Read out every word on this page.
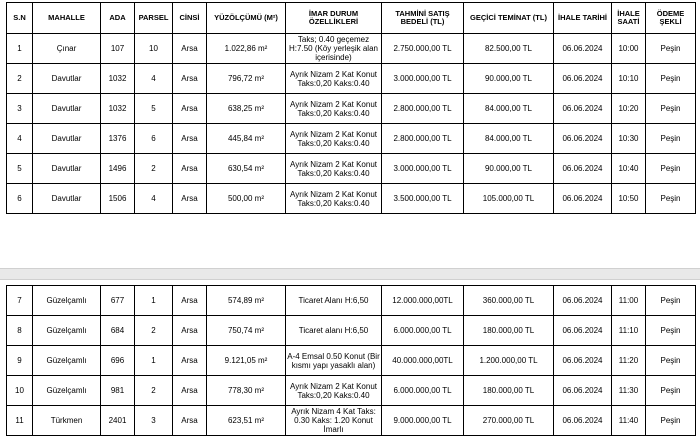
S.N	MAHALLE	ADA	PARSEL	CİNSİ	YÜZÖLÇÜMÜ (M²)	İMAR DURUM ÖZELLİKLERİ	TAHMİNİ SATIŞ BEDELİ (TL)	GEÇİCİ TEMİNAT (TL)	İHALE TARİHİ	İHALE SAATİ	ÖDEME ŞEKLİ
1	Çınar	107	10	Arsa	1.022,86 m²	Taks; 0.40 geçemez H:7.50 (Köy yerleşik alan içerisinde)	2.750.000,00 TL	82.500,00 TL	06.06.2024	10:00	Peşin
2	Davutlar	1032	4	Arsa	796,72 m²	Ayrık Nizam 2 Kat Konut Taks:0,20 Kaks:0.40	3.000.000,00 TL	90.000,00 TL	06.06.2024	10:10	Peşin
3	Davutlar	1032	5	Arsa	638,25 m²	Ayrık Nizam 2 Kat Konut Taks:0,20 Kaks:0.40	2.800.000,00 TL	84.000,00 TL	06.06.2024	10:20	Peşin
4	Davutlar	1376	6	Arsa	445,84 m²	Ayrık Nizam 2 Kat Konut Taks:0,20 Kaks:0.40	2.800.000,00 TL	84.000,00 TL	06.06.2024	10:30	Peşin
5	Davutlar	1496	2	Arsa	630,54 m²	Ayrık Nizam 2 Kat Konut Taks:0,20 Kaks:0.40	3.000.000,00 TL	90.000,00 TL	06.06.2024	10:40	Peşin
6	Davutlar	1506	4	Arsa	500,00 m²	Ayrık Nizam 2 Kat Konut Taks:0,20 Kaks:0.40	3.500.000,00 TL	105.000,00 TL	06.06.2024	10:50	Peşin
7	Güzelçamlı	677	1	Arsa	574,89 m²	Ticaret Alanı H:6,50	12.000.000,00TL	360.000,00 TL	06.06.2024	11:00	Peşin
8	Güzelçamlı	684	2	Arsa	750,74 m²	Ticaret alanı H:6,50	6.000.000,00 TL	180.000,00 TL	06.06.2024	11:10	Peşin
9	Güzelçamlı	696	1	Arsa	9.121,05 m²	A-4 Emsal 0.50 Konut (Bir kısmı yapı yasaklı alan)	40.000.000,00TL	1.200.000,00 TL	06.06.2024	11:20	Peşin
10	Güzelçamlı	981	2	Arsa	778,30 m²	Ayrık Nizam 2 Kat Konut Taks:0,20 Kaks:0.40	6.000.000,00 TL	180.000,00 TL	06.06.2024	11:30	Peşin
11	Türkmen	2401	3	Arsa	623,51 m²	Ayrık Nizam 4 Kat Taks: 0.30 Kaks: 1.20 Konut İmarlı	9.000.000,00 TL	270.000,00 TL	06.06.2024	11:40	Peşin
